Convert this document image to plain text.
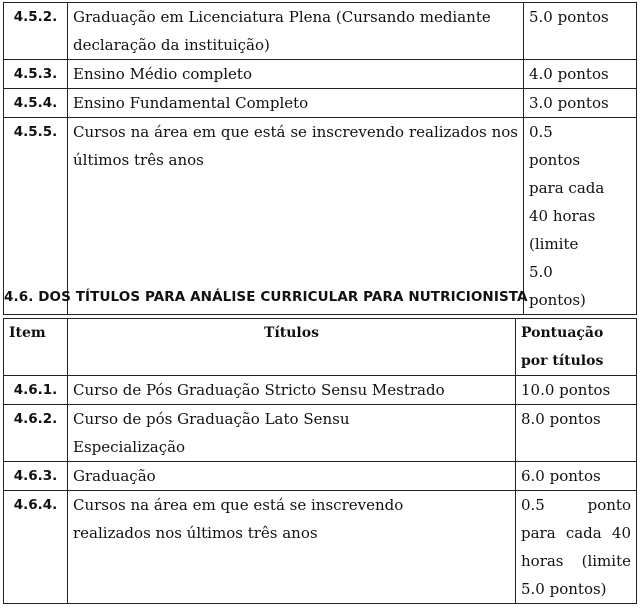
4.5.2.	Graduação em Licenciatura Plena (Cursando mediante declaração da instituição)	5.0 pontos
4.5.3.	Ensino Médio completo	4.0 pontos
4.5.4.	Ensino Fundamental Completo	3.0 pontos
4.5.5.	Cursos na área em que está se inscrevendo realizados nos últimos três anos	0.5 pontos para cada 40 horas (limite 5.0 pontos)
4.6. DOS TÍTULOS PARA ANÁLISE CURRICULAR PARA NUTRICIONISTA
Item	Títulos	Pontuação por títulos
4.6.1.	Curso de Pós Graduação Stricto Sensu Mestrado	10.0 pontos
4.6.2.	Curso de pós Graduação Lato Sensu Especialização	8.0 pontos
4.6.3.	Graduação	6.0 pontos
4.6.4.	Cursos na área em que está se inscrevendo realizados nos últimos três anos	0.5 ponto para cada 40 horas (limite 5.0 pontos)
